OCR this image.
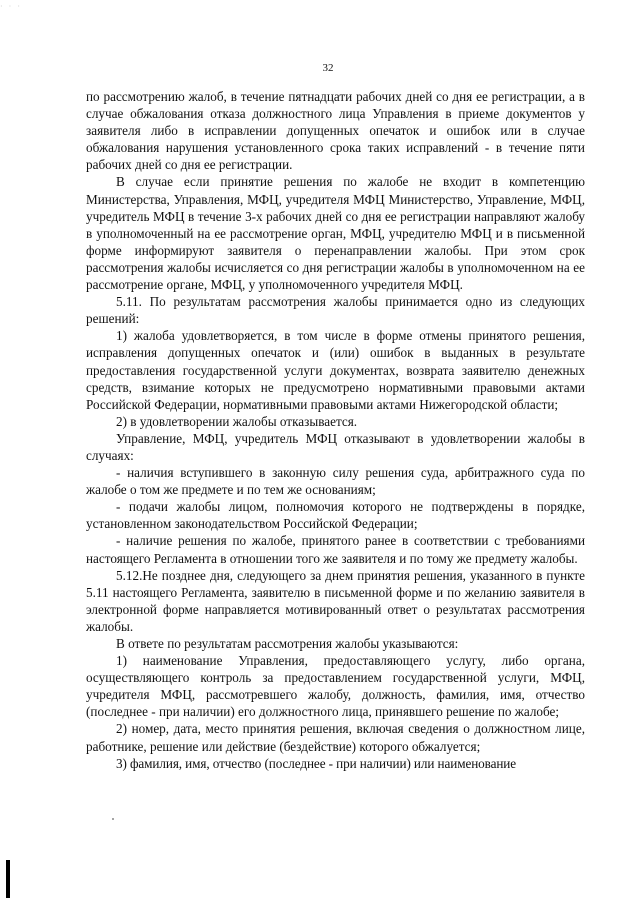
· · ·
32

по рассмотрению жалоб, в течение пятнадцати рабочих дней со дня ее регистрации, а в случае обжалования отказа должностного лица Управления в приеме документов у заявителя либо в исправлении допущенных опечаток и ошибок или в случае обжалования нарушения установленного срока таких исправлений - в течение пяти рабочих дней со дня ее регистрации.

В случае если принятие решения по жалобе не входит в компетенцию Министерства, Управления, МФЦ, учредителя МФЦ Министерство, Управление, МФЦ, учредитель МФЦ в течение 3-х рабочих дней со дня ее регистрации направляют жалобу в уполномоченный на ее рассмотрение орган, МФЦ, учредителю МФЦ и в письменной форме информируют заявителя о перенаправлении жалобы. При этом срок рассмотрения жалобы исчисляется со дня регистрации жалобы в уполномоченном на ее рассмотрение органе, МФЦ, у уполномоченного учредителя МФЦ.

5.11. По результатам рассмотрения жалобы принимается одно из следующих решений:

1) жалоба удовлетворяется, в том числе в форме отмены принятого решения, исправления допущенных опечаток и (или) ошибок в выданных в результате предоставления государственной услуги документах, возврата заявителю денежных средств, взимание которых не предусмотрено нормативными правовыми актами Российской Федерации, нормативными правовыми актами Нижегородской области;

2) в удовлетворении жалобы отказывается.

Управление, МФЦ, учредитель МФЦ отказывают в удовлетворении жалобы в случаях:

- наличия вступившего в законную силу решения суда, арбитражного суда по жалобе о том же предмете и по тем же основаниям;

- подачи жалобы лицом, полномочия которого не подтверждены в порядке, установленном законодательством Российской Федерации;

- наличие решения по жалобе, принятого ранее в соответствии с требованиями настоящего Регламента в отношении того же заявителя и по тому же предмету жалобы.

5.12.Не позднее дня, следующего за днем принятия решения, указанного в пункте 5.11 настоящего Регламента, заявителю в письменной форме и по желанию заявителя в электронной форме направляется мотивированный ответ о результатах рассмотрения жалобы.

В ответе по результатам рассмотрения жалобы указываются:

1) наименование Управления, предоставляющего услугу, либо органа, осуществляющего контроль за предоставлением государственной услуги, МФЦ, учредителя МФЦ, рассмотревшего жалобу, должность, фамилия, имя, отчество (последнее - при наличии) его должностного лица, принявшего решение по жалобе;

2) номер, дата, место принятия решения, включая сведения о должностном лице, работнике, решение или действие (бездействие) которого обжалуется;

3) фамилия, имя, отчество (последнее - при наличии) или наименование
